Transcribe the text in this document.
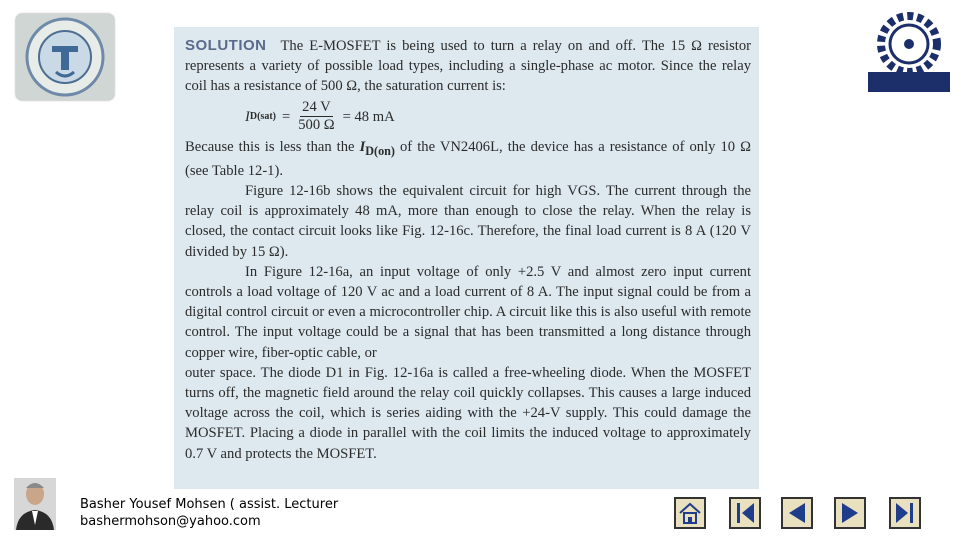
SOLUTION The E-MOSFET is being used to turn a relay on and off. The 15 Ω resistor represents a variety of possible load types, including a single-phase ac motor. Since the relay coil has a resistance of 500 Ω, the saturation current is:

I $D(sat) = \frac{24 V}{500 \Omega} = 48$ mA

Because this is less than the $I_{D(on)}$ of the VN2406L, the device has a resistance of only 10 Ω (see Table 12-1).

Figure 12-16b shows the equivalent circuit for high VGS. The current through the relay coil is approximately 48 mA, more than enough to close the relay. When the relay is closed, the contact circuit looks like Fig. 12-16c. Therefore, the final load current is 8 A (120 V divided by 15 Ω).

In Figure 12-16a, an input voltage of only +2.5 V and almost zero input current controls a load voltage of 120 V ac and a load current of 8 A. The input signal could be from a digital control circuit or even a microcontroller chip. A circuit like this is also useful with remote control. The input voltage could be a signal that has been transmitted a long distance through copper wire, fiber-optic cable, or

outer space. The diode D1 in Fig. 12-16a is called a free-wheeling diode. When the MOSFET turns off, the magnetic field around the relay coil quickly collapses. This causes a large induced voltage across the coil, which is series aiding with the +24-V supply. This could damage the MOSFET. Placing a diode in parallel with the coil limits the induced voltage to approximately 0.7 V and protects the MOSFET.

Basher Yousef Mohsen ( assist. Lecturer
bashermohson@yahoo.com
